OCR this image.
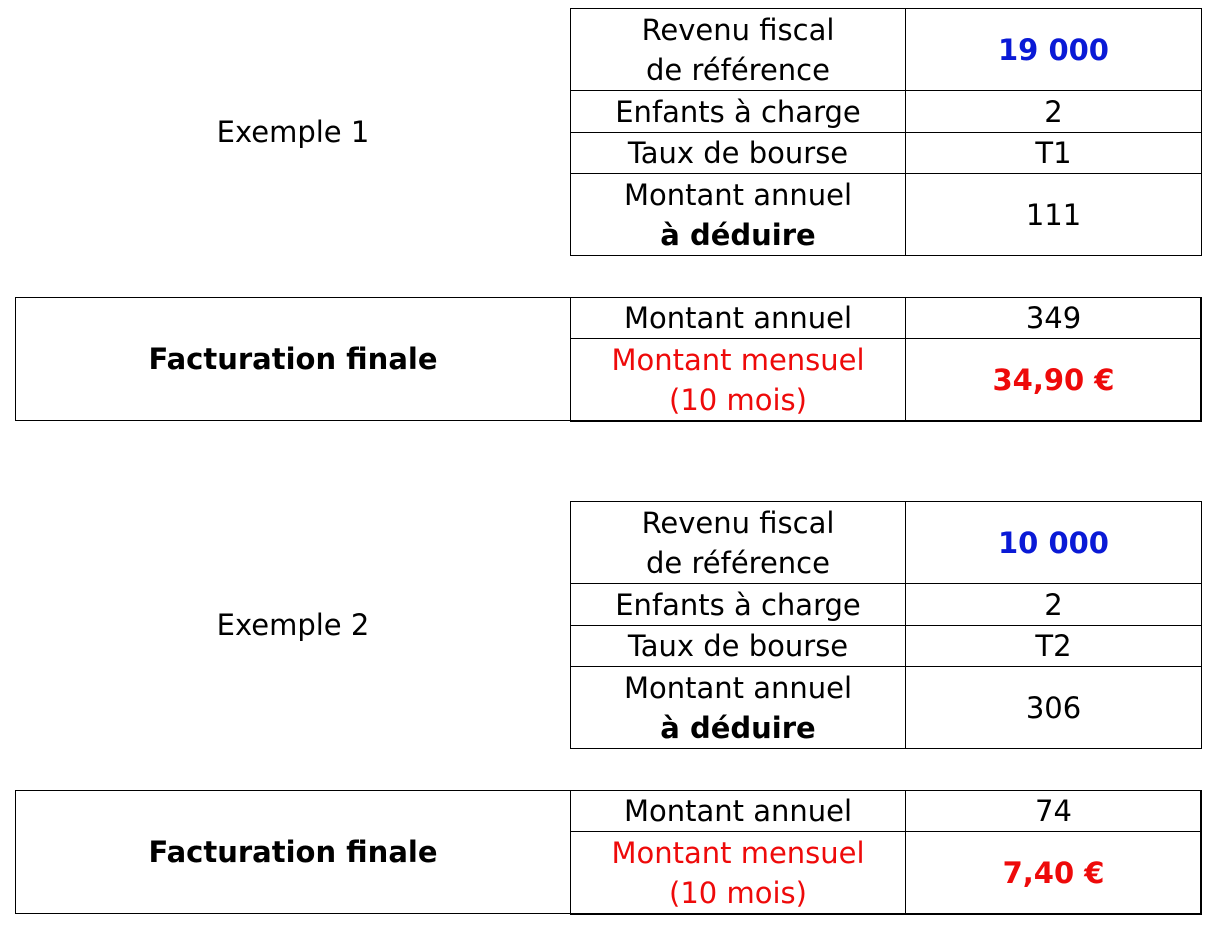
Exemple 1
Revenu fiscal
de référence	19 000
Enfants à charge	2
Taux de bourse	T1

Montant annuel
à déduire	111
Facturation finale
Montant annuel	349

Montant mensuel
(10 mois)	34,90 €
Exemple 2
Revenu fiscal
de référence	10 000
Enfants à charge	2
Taux de bourse	T2

Montant annuel
à déduire	306
Facturation finale
Montant annuel	74

Montant mensuel
(10 mois)	7,40 €
